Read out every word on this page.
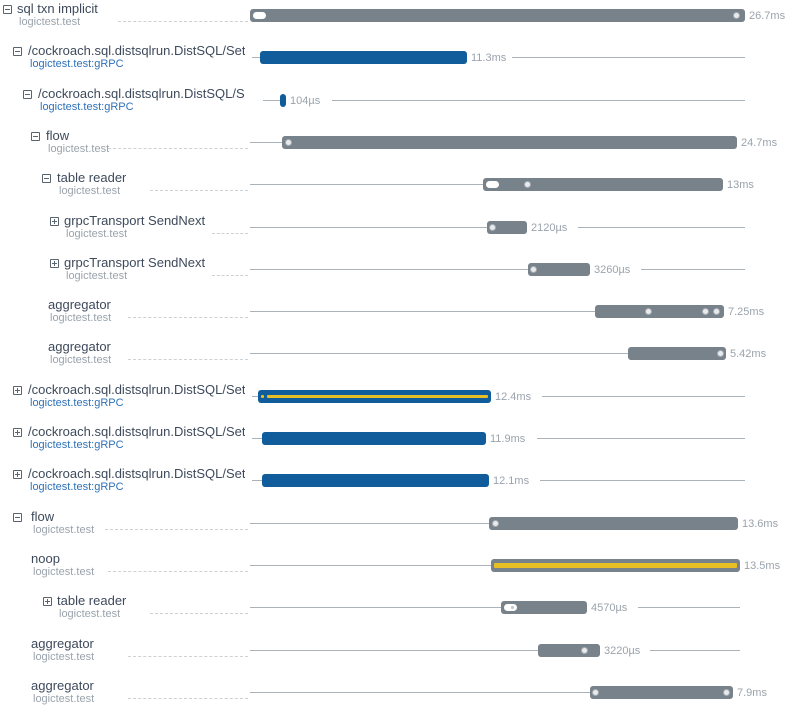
sql txn implicit
logictest.test	26.7ms
/cockroach.sql.distsqlrun.DistSQL/Set
logictest.test:gRPC	11.3ms
/cockroach.sql.distsqlrun.DistSQL/S
logictest.test:gRPC	104µs
flow
logictest.test	24.7ms
table reader
logictest.test	13ms
grpcTransport SendNext
logictest.test	2120µs
grpcTransport SendNext
logictest.test	3260µs
aggregator
logictest.test	7.25ms
aggregator
logictest.test	5.42ms
/cockroach.sql.distsqlrun.DistSQL/Set
logictest.test:gRPC	12.4ms
/cockroach.sql.distsqlrun.DistSQL/Set
logictest.test:gRPC	11.9ms
/cockroach.sql.distsqlrun.DistSQL/Set
logictest.test:gRPC	12.1ms
flow
logictest.test	13.6ms
noop
logictest.test	13.5ms
table reader
logictest.test	4570µs
aggregator
logictest.test	3220µs
aggregator
logictest.test	7.9ms
